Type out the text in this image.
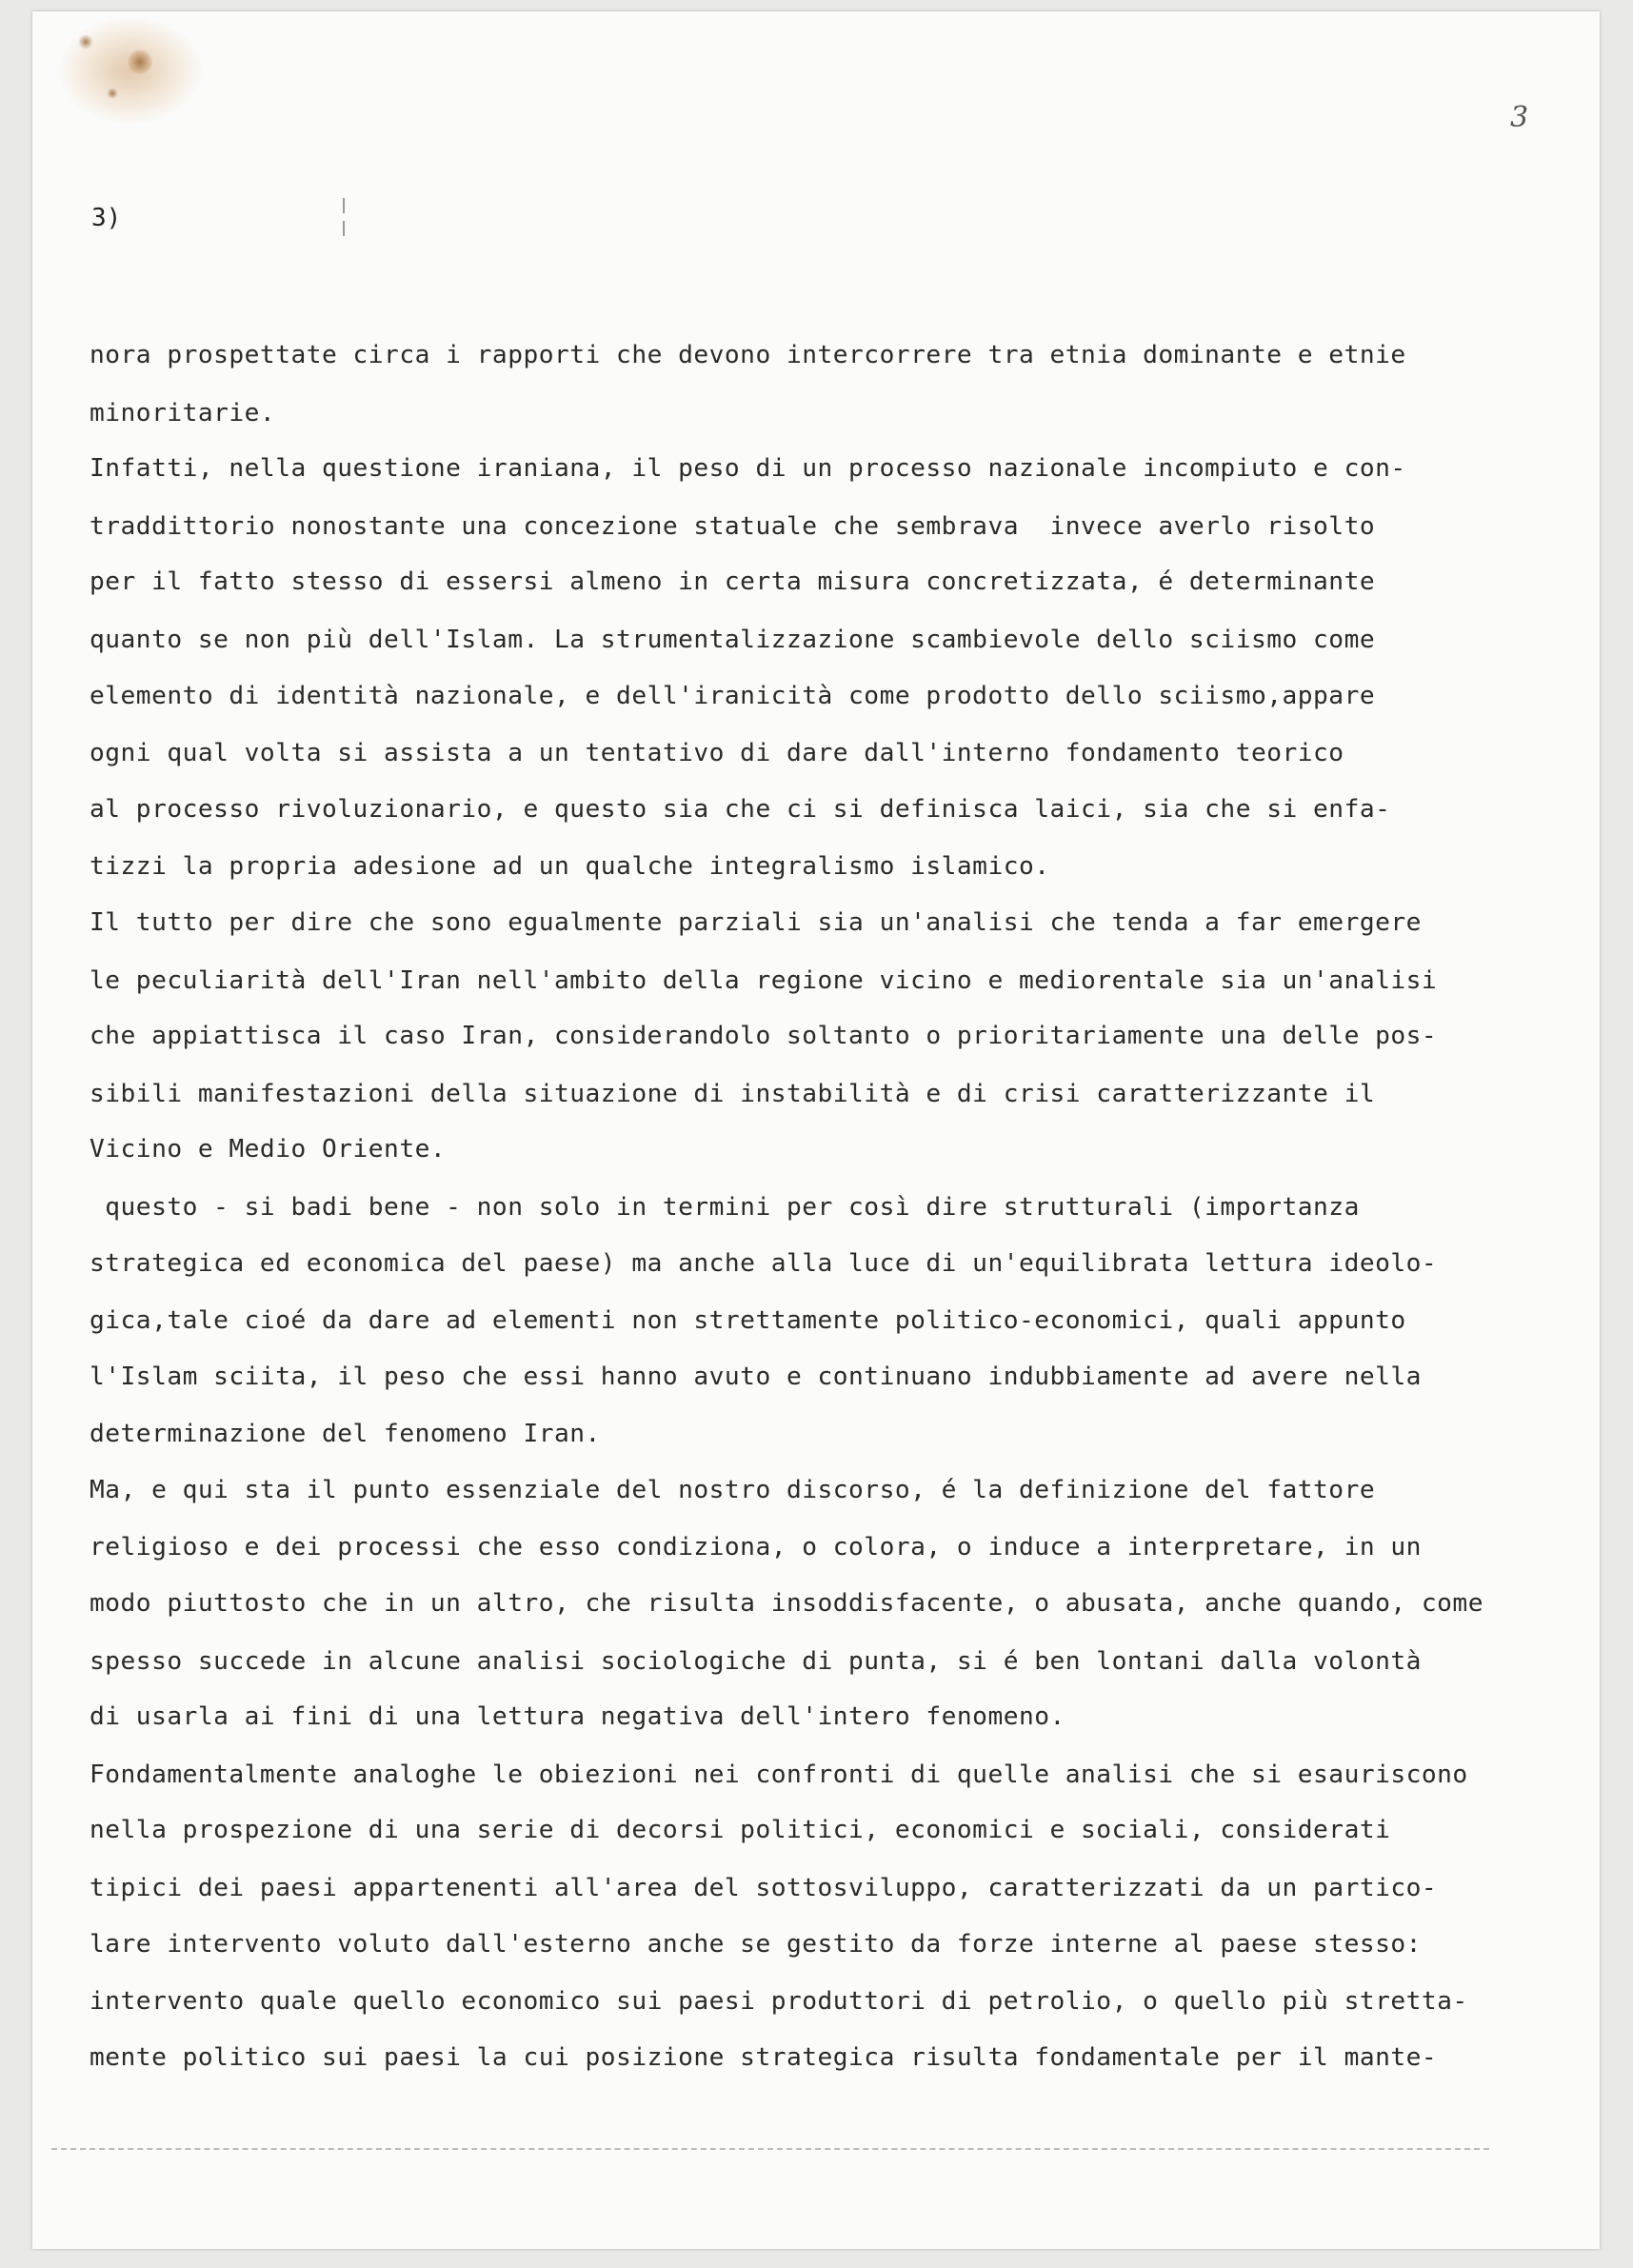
3
3)
nora prospettate circa i rapporti che devono intercorrere tra etnia dominante e etnie
minoritarie.
Infatti, nella questione iraniana, il peso di un processo nazionale incompiuto e con-
traddittorio nonostante una concezione statuale che sembrava  invece averlo risolto
per il fatto stesso di essersi almeno in certa misura concretizzata, é determinante
quanto se non più dell'Islam. La strumentalizzazione scambievole dello sciismo come
elemento di identità nazionale, e dell'iranicità come prodotto dello sciismo,appare
ogni qual volta si assista a un tentativo di dare dall'interno fondamento teorico
al processo rivoluzionario, e questo sia che ci si definisca laici, sia che si enfa-
tizzi la propria adesione ad un qualche integralismo islamico.
Il tutto per dire che sono egualmente parziali sia un'analisi che tenda a far emergere
le peculiarità dell'Iran nell'ambito della regione vicino e mediorentale sia un'analisi
che appiattisca il caso Iran, considerandolo soltanto o prioritariamente una delle pos-
sibili manifestazioni della situazione di instabilità e di crisi caratterizzante il
Vicino e Medio Oriente.
questo - si badi bene - non solo in termini per così dire strutturali (importanza
strategica ed economica del paese) ma anche alla luce di un'equilibrata lettura ideolo-
gica,tale cioé da dare ad elementi non strettamente politico-economici, quali appunto
l'Islam sciita, il peso che essi hanno avuto e continuano indubbiamente ad avere nella
determinazione del fenomeno Iran.
Ma, e qui sta il punto essenziale del nostro discorso, é la definizione del fattore
religioso e dei processi che esso condiziona, o colora, o induce a interpretare, in un
modo piuttosto che in un altro, che risulta insoddisfacente, o abusata, anche quando, come
spesso succede in alcune analisi sociologiche di punta, si é ben lontani dalla volontà
di usarla ai fini di una lettura negativa dell'intero fenomeno.
Fondamentalmente analoghe le obiezioni nei confronti di quelle analisi che si esauriscono
nella prospezione di una serie di decorsi politici, economici e sociali, considerati
tipici dei paesi appartenenti all'area del sottosviluppo, caratterizzati da un partico-
lare intervento voluto dall'esterno anche se gestito da forze interne al paese stesso:
intervento quale quello economico sui paesi produttori di petrolio, o quello più stretta-
mente politico sui paesi la cui posizione strategica risulta fondamentale per il mante-
